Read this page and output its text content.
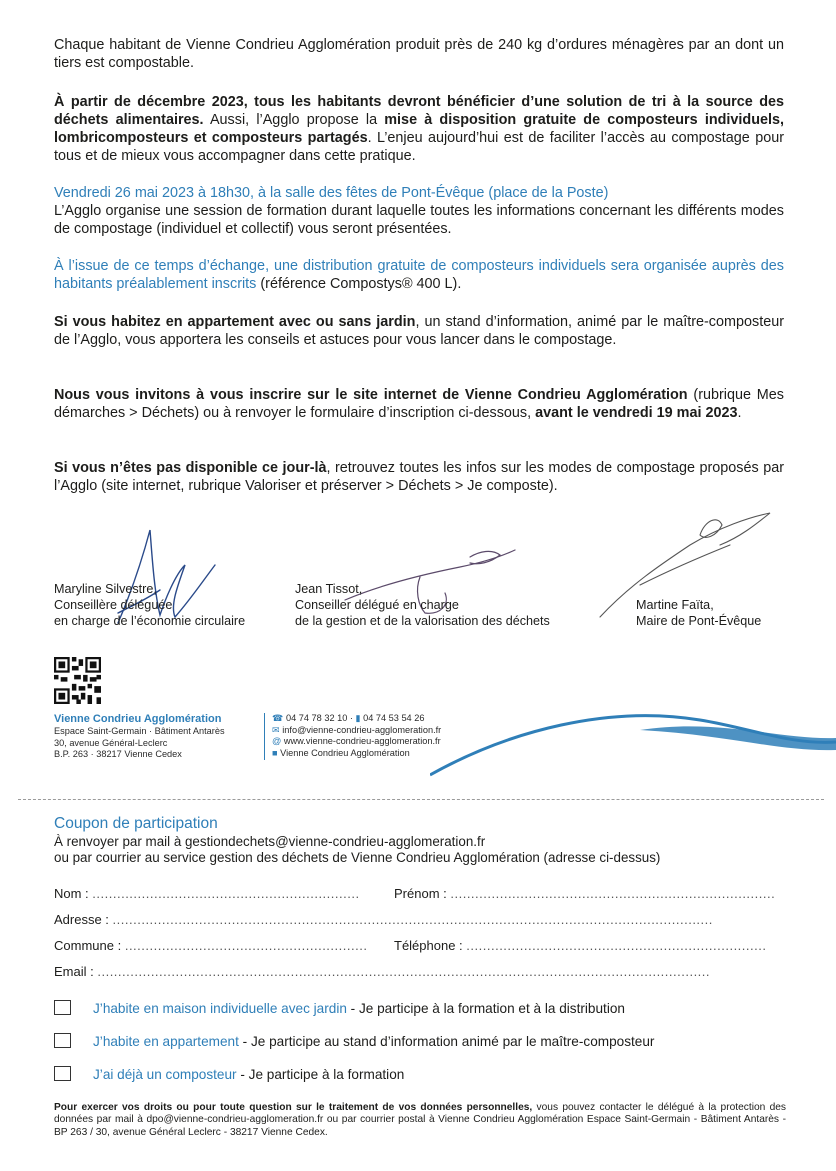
Chaque habitant de Vienne Condrieu Agglomération produit près de 240 kg d’ordures ménagères par an dont un tiers est compostable.
À partir de décembre 2023, tous les habitants devront bénéficier d’une solution de tri à la source des déchets alimentaires. Aussi, l’Agglo propose la mise à disposition gratuite de composteurs individuels, lombricomposteurs et composteurs partagés. L’enjeu aujourd’hui est de faciliter l’accès au compostage pour tous et de mieux vous accompagner dans cette pratique.
Vendredi 26 mai 2023 à 18h30, à la salle des fêtes de Pont-Évêque (place de la Poste)
L’Agglo organise une session de formation durant laquelle toutes les informations concernant les différents modes de compostage (individuel et collectif) vous seront présentées.
À l’issue de ce temps d’échange, une distribution gratuite de composteurs individuels sera organisée auprès des habitants préalablement inscrits (référence Compostys® 400 L).
Si vous habitez en appartement avec ou sans jardin, un stand d’information, animé par le maître-composteur de l’Agglo, vous apportera les conseils et astuces pour vous lancer dans le compostage.
Nous vous invitons à vous inscrire sur le site internet de Vienne Condrieu Agglomération (rubrique Mes démarches > Déchets) ou à renvoyer le formulaire d’inscription ci-dessous, avant le vendredi 19 mai 2023.
Si vous n’êtes pas disponible ce jour-là, retrouvez toutes les infos sur les modes de compostage proposés par l’Agglo (site internet, rubrique Valoriser et préserver > Déchets > Je composte).
Maryline Silvestre,
Conseillère déléguée
en charge de l’économie circulaire
Jean Tissot,
Conseiller délégué en charge
de la gestion et de la valorisation des déchets
Martine Faïta,
Maire de Pont-Évêque
Vienne Condrieu Agglomération
Espace Saint-Germain · Bâtiment Antarès
30, avenue Général-Leclerc
B.P. 263 · 38217 Vienne Cedex
☎ 04 74 78 32 10 · ▮ 04 74 53 54 26
✉ info@vienne-condrieu-agglomeration.fr
@ www.vienne-condrieu-agglomeration.fr
■ Vienne Condrieu Agglomération
Coupon de participation
À renvoyer par mail à gestiondechets@vienne-condrieu-agglomeration.fr
ou par courrier au service gestion des déchets de Vienne Condrieu Agglomération (adresse ci-dessus)
Nom : .................................................................	Prénom : ...............................................................................
Adresse : ..................................................................................................................................................
Commune : ...........................................................	Téléphone : .........................................................................
Email : .....................................................................................................................................................
J’habite en maison individuelle avec jardin - Je participe à la formation et à la distribution
J’habite en appartement - Je participe au stand d’information animé par le maître-composteur
J’ai déjà un composteur - Je participe à la formation
Pour exercer vos droits ou pour toute question sur le traitement de vos données personnelles, vous pouvez contacter le délégué à la protection des données par mail à dpo@vienne-condrieu-agglomeration.fr ou par courrier postal à Vienne Condrieu Agglomération Espace Saint-Germain - Bâtiment Antarès - BP 263 / 30, avenue Général Leclerc - 38217 Vienne Cedex.
